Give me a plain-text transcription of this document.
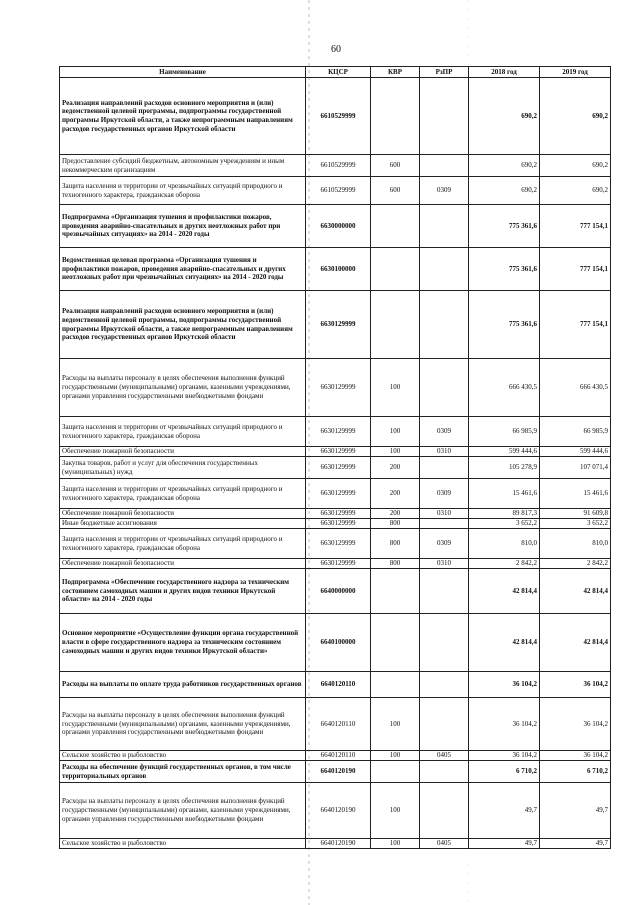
60
Наименование	КЦСР	КВР	РзПР	2018 год	2019 год
Реализация направлений расходов основного мероприятия и (или) ведомственной целевой программы, подпрограммы государственной программы Иркутской области, а также непрограммным направлениям расходов государственных органов Иркутской области	6610529999			690,2	690,2
Предоставление субсидий бюджетным, автономным учреждениям и иным некоммерческим организациям	6610529999	600		690,2	690,2
Защита населения и территории от чрезвычайных ситуаций природного и техногенного характера, гражданская оборона	6610529999	600	0309	690,2	690,2
Подпрограмма «Организация тушения и профилактики пожаров, проведения аварийно-спасательных и других неотложных работ при чрезвычайных ситуациях» на 2014 - 2020 годы	6630000000			775 361,6	777 154,1
Ведомственная целевая программа «Организация тушения и профилактики пожаров, проведения аварийно-спасательных и других неотложных работ при чрезвычайных ситуациях» на 2014 - 2020 годы	6630100000			775 361,6	777 154,1
Реализация направлений расходов основного мероприятия и (или) ведомственной целевой программы, подпрограммы государственной программы Иркутской области, а также непрограммным направлениям расходов государственных органов Иркутской области	6630129999			775 361,6	777 154,1
Расходы на выплаты персоналу в целях обеспечения выполнения функций государственными (муниципальными) органами, казенными учреждениями, органами управления государственными внебюджетными фондами	6630129999	100		666 430,5	666 430,5
Защита населения и территории от чрезвычайных ситуаций природного и техногенного характера, гражданская оборона	6630129999	100	0309	66 985,9	66 985,9
Обеспечение пожарной безопасности	6630129999	100	0310	599 444,6	599 444,6
Закупка товаров, работ и услуг для обеспечения государственных (муниципальных) нужд	6630129999	200		105 278,9	107 071,4
Защита населения и территории от чрезвычайных ситуаций природного и техногенного характера, гражданская оборона	6630129999	200	0309	15 461,6	15 461,6
Обеспечение пожарной безопасности	6630129999	200	0310	89 817,3	91 609,8
Иные бюджетные ассигнования	6630129999	800		3 652,2	3 652,2
Защита населения и территории от чрезвычайных ситуаций природного и техногенного характера, гражданская оборона	6630129999	800	0309	810,0	810,0
Обеспечение пожарной безопасности	6630129999	800	0310	2 842,2	2 842,2
Подпрограмма «Обеспечение государственного надзора за техническим состоянием самоходных машин и других видов техники Иркутской области» на 2014 - 2020 годы	6640000000			42 814,4	42 814,4
Основное мероприятие «Осуществление функции органа государственной власти в сфере государственного надзора за техническим состоянием самоходных машин и других видов техники Иркутской области»	6640100000			42 814,4	42 814,4
Расходы на выплаты по оплате труда работников государственных органов	6640120110			36 104,2	36 104,2
Расходы на выплаты персоналу в целях обеспечения выполнения функций государственными (муниципальными) органами, казенными учреждениями, органами управления государственными внебюджетными фондами	6640120110	100		36 104,2	36 104,2
Сельское хозяйство и рыболовство	6640120110	100	0405	36 104,2	36 104,2
Расходы на обеспечение функций государственных органов, в том числе территориальных органов	6640120190			6 710,2	6 710,2
Расходы на выплаты персоналу в целях обеспечения выполнения функций государственными (муниципальными) органами, казенными учреждениями, органами управления государственными внебюджетными фондами	6640120190	100		49,7	49,7
Сельское хозяйство и рыболовство	6640120190	100	0405	49,7	49,7
